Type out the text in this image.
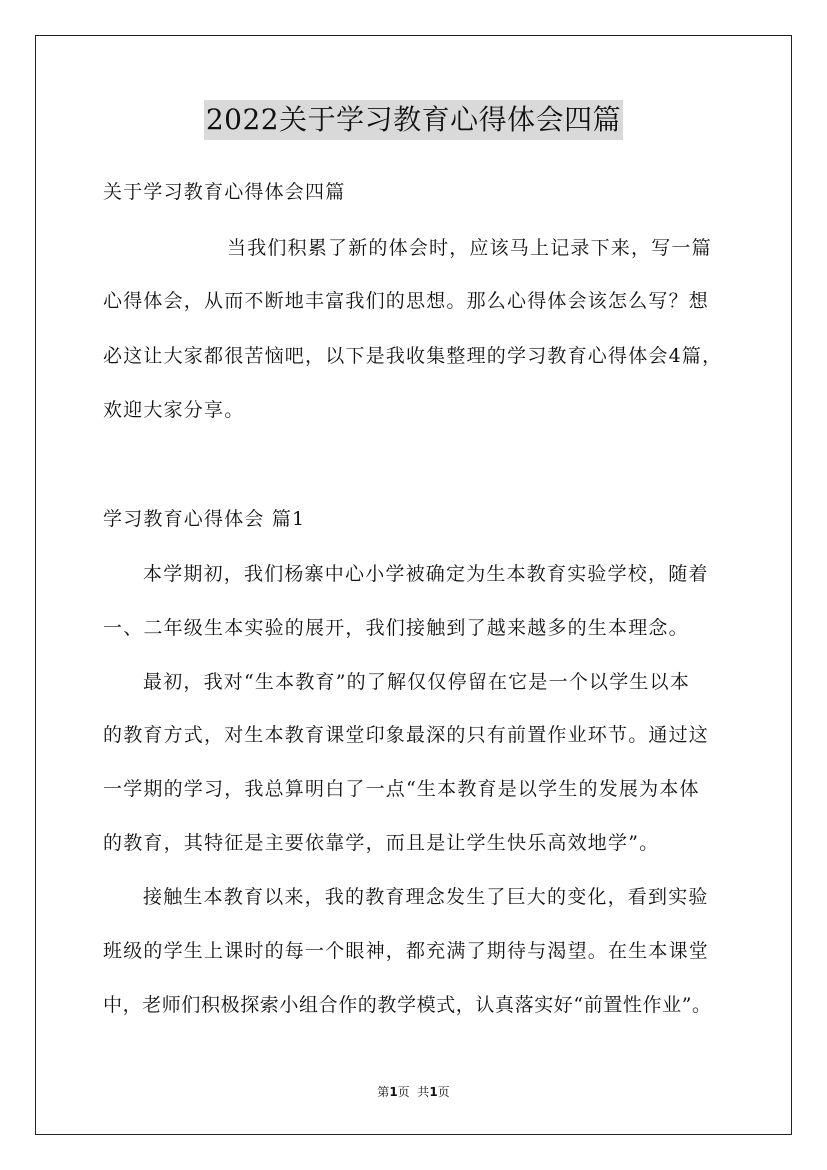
2022关于学习教育心得体会四篇
关于学习教育心得体会四篇
当我们积累了新的体会时，应该马上记录下来，写一篇
心得体会，从而不断地丰富我们的思想。那么心得体会该怎么写？想
必这让大家都很苦恼吧，以下是我收集整理的学习教育心得体会4篇，
欢迎大家分享。
学习教育心得体会 篇1
本学期初，我们杨寨中心小学被确定为生本教育实验学校，随着
一、二年级生本实验的展开，我们接触到了越来越多的生本理念。
最初，我对“生本教育”的了解仅仅停留在它是一个以学生以本
的教育方式，对生本教育课堂印象最深的只有前置作业环节。通过这
一学期的学习，我总算明白了一点“生本教育是以学生的发展为本体
的教育，其特征是主要依靠学，而且是让学生快乐高效地学”。
接触生本教育以来，我的教育理念发生了巨大的变化，看到实验
班级的学生上课时的每一个眼神，都充满了期待与渴望。在生本课堂
中，老师们积极探索小组合作的教学模式，认真落实好“前置性作业”。
第1页  共1页
